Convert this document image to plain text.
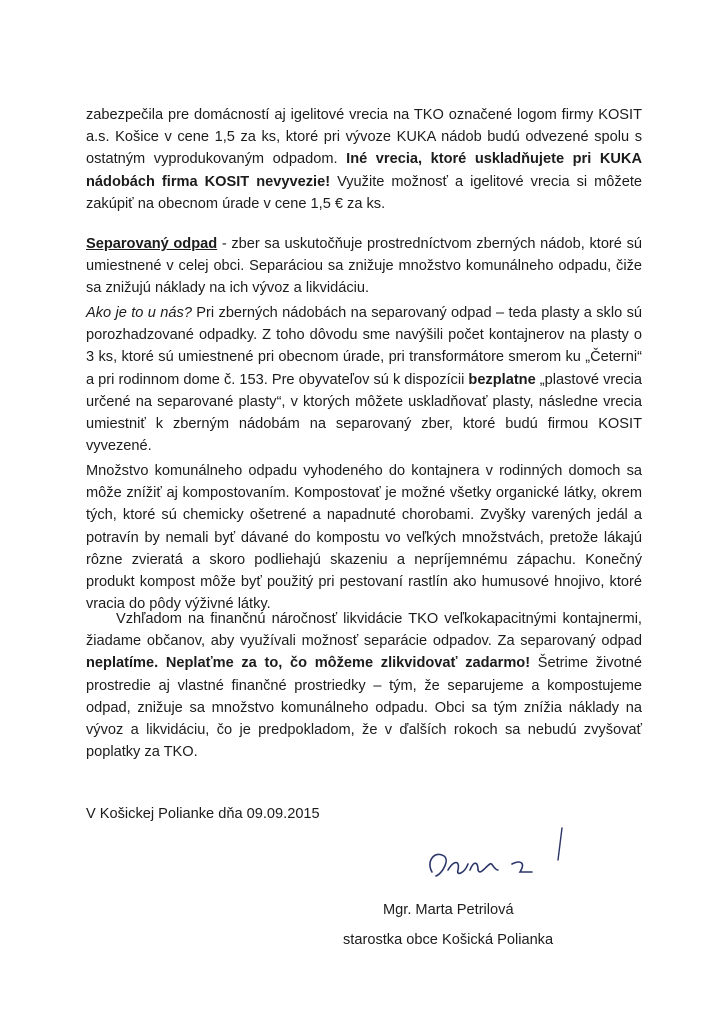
zabezpečila pre domácností aj igelitové vrecia na TKO označené logom firmy KOSIT a.s. Košice v cene 1,5 za ks, ktoré pri vývoze KUKA nádob budú odvezené spolu s ostatným vyprodukovaným odpadom. Iné vrecia, ktoré uskladňujete pri KUKA nádobách firma KOSIT nevyvezie! Využite možnosť a igelitové vrecia si môžete zakúpiť na obecnom úrade v cene 1,5 € za ks.
Separovaný odpad - zber sa uskutočňuje prostredníctvom zberných nádob, ktoré sú umiestnené v celej obci. Separáciou sa znižuje množstvo komunálneho odpadu, čiže sa znižujú náklady na ich vývoz a likvidáciu.
Ako je to u nás? Pri zberných nádobách na separovaný odpad – teda plasty a sklo sú porozhadzované odpadky. Z toho dôvodu sme navýšili počet kontajnerov na plasty o 3 ks, ktoré sú umiestnené pri obecnom úrade, pri transformátore smerom ku „Četerni“ a pri rodinnom dome č. 153. Pre obyvateľov sú k dispozícii bezplatne „plastové vrecia určené na separované plasty“, v ktorých môžete uskladňovať plasty, následne vrecia umiestniť k zberným nádobám na separovaný zber, ktoré budú firmou KOSIT vyvezené.
Množstvo komunálneho odpadu vyhodeného do kontajnera v rodinných domoch sa môže znížiť aj kompostovaním. Kompostovať je možné všetky organické látky, okrem tých, ktoré sú chemicky ošetrené a napadnuté chorobami. Zvyšky varených jedál a potravín by nemali byť dávané do kompostu vo veľkých množstvách, pretože lákajú rôzne zvieratá a skoro podliehajú skazeniu a nepríjemnému zápachu. Konečný produkt kompost môže byť použitý pri pestovaní rastlín ako humusové hnojivo, ktoré vracia do pôdy výživné látky.
Vzhľadom na finančnú náročnosť likvidácie TKO veľkokapacitnými kontajnermi, žiadame občanov, aby využívali možnosť separácie odpadov. Za separovaný odpad neplatíme. Neplaťme za to, čo môžeme zlikvidovať zadarmo! Šetrime životné prostredie aj vlastné finančné prostriedky – tým, že separujeme a kompostujeme odpad, znižuje sa množstvo komunálneho odpadu. Obci sa tým znížia náklady na vývoz a likvidáciu, čo je predpokladom, že v ďalších rokoch sa nebudú zvyšovať poplatky za TKO.
V Košickej Polianke dňa 09.09.2015
Mgr. Marta Petrilová
starostka obce Košická Polianka
